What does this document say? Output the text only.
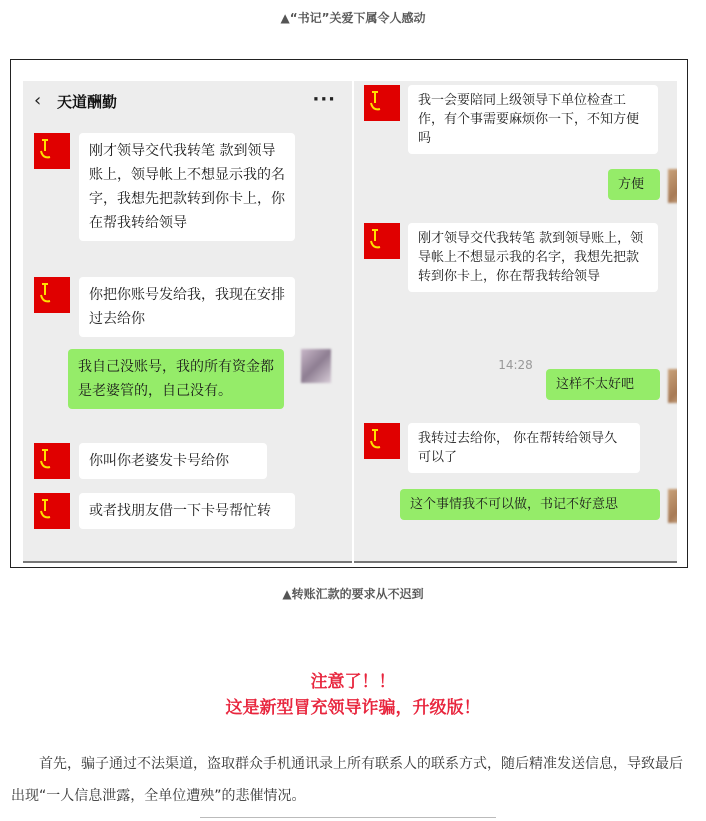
▲“书记”关爱下属令人感动
‹	天道酬勤	···
刚才领导交代我转笔 款到领导账上，领导帐上不想显示我的名字，我想先把款转到你卡上，你在帮我转给领导
你把你账号发给我，我现在安排过去给你
我自己没账号，我的所有资金都是老婆管的，自己没有。
你叫你老婆发卡号给你
或者找朋友借一下卡号帮忙转
我一会要陪同上级领导下单位检查工作，有个事需要麻烦你一下，不知方便吗
方便
刚才领导交代我转笔 款到领导账上，领导帐上不想显示我的名字，我想先把款转到你卡上，你在帮我转给领导
14:28
这样不太好吧
我转过去给你， 你在帮转给领导久可以了
这个事情我不可以做，书记不好意思
▲转账汇款的要求从不迟到
注意了！！
这是新型冒充领导诈骗，升级版！
首先，骗子通过不法渠道，盗取群众手机通讯录上所有联系人的联系方式，随后精准发送信息，导致最后出现“一人信息泄露，全单位遭殃”的悲催情况。
